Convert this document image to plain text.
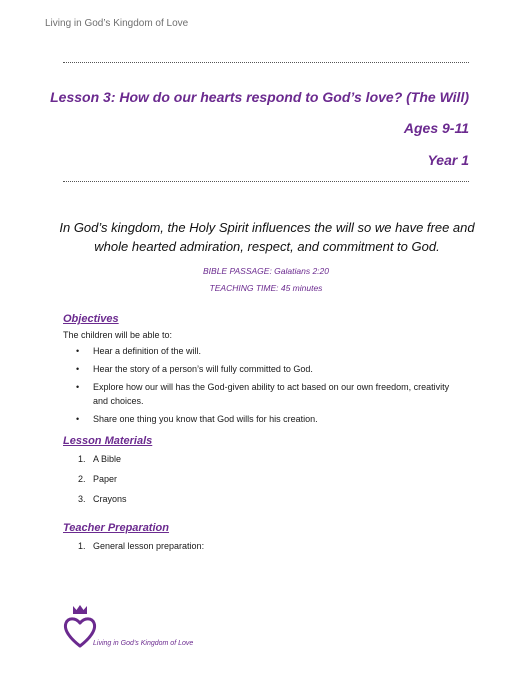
Living in God’s Kingdom of Love
Lesson 3: How do our hearts respond to God’s love? (The Will)
Ages 9-11
Year 1
In God’s kingdom, the Holy Spirit influences the will so we have free and whole hearted admiration, respect, and commitment to God.
BIBLE PASSAGE: Galatians 2:20
TEACHING TIME: 45 minutes
Objectives
The children will be able to:
• Hear a definition of the will.
• Hear the story of a person’s will fully committed to God.
• Explore how our will has the God-given ability to act based on our own freedom, creativity and choices.
• Share one thing you know that God wills for his creation.
Lesson Materials
1. A Bible
2. Paper
3. Crayons
Teacher Preparation
1. General lesson preparation:
Living in God’s Kingdom of Love
